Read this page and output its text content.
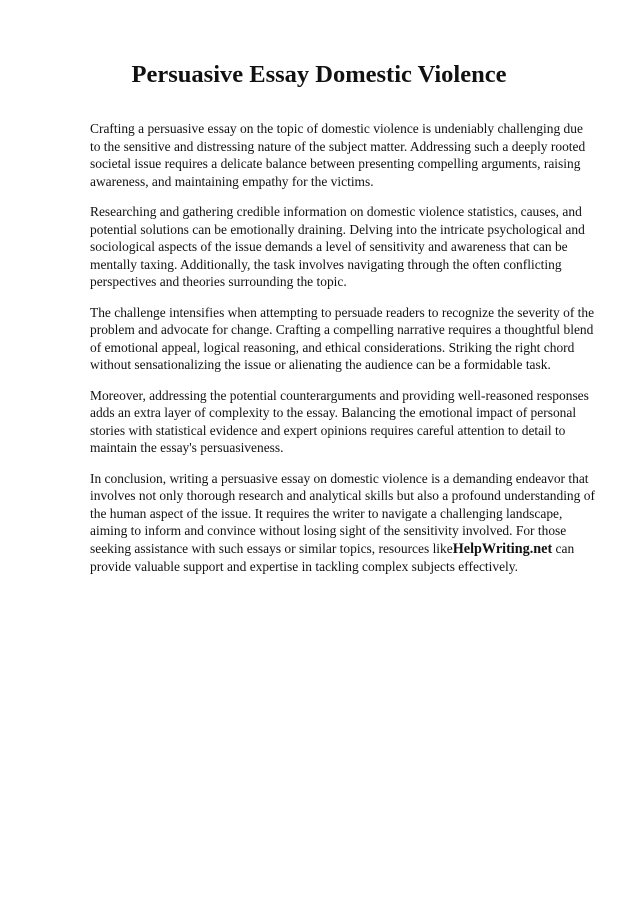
Persuasive Essay Domestic Violence

Crafting a persuasive essay on the topic of domestic violence is undeniably challenging due to the sensitive and distressing nature of the subject matter. Addressing such a deeply rooted societal issue requires a delicate balance between presenting compelling arguments, raising awareness, and maintaining empathy for the victims.

Researching and gathering credible information on domestic violence statistics, causes, and potential solutions can be emotionally draining. Delving into the intricate psychological and sociological aspects of the issue demands a level of sensitivity and awareness that can be mentally taxing. Additionally, the task involves navigating through the often conflicting perspectives and theories surrounding the topic.

The challenge intensifies when attempting to persuade readers to recognize the severity of the problem and advocate for change. Crafting a compelling narrative requires a thoughtful blend of emotional appeal, logical reasoning, and ethical considerations. Striking the right chord without sensationalizing the issue or alienating the audience can be a formidable task.

Moreover, addressing the potential counterarguments and providing well-reasoned responses adds an extra layer of complexity to the essay. Balancing the emotional impact of personal stories with statistical evidence and expert opinions requires careful attention to detail to maintain the essay's persuasiveness.

In conclusion, writing a persuasive essay on domestic violence is a demanding endeavor that involves not only thorough research and analytical skills but also a profound understanding of the human aspect of the issue. It requires the writer to navigate a challenging landscape, aiming to inform and convince without losing sight of the sensitivity involved. For those seeking assistance with such essays or similar topics, resources likeHelpWriting.net can provide valuable support and expertise in tackling complex subjects effectively.
